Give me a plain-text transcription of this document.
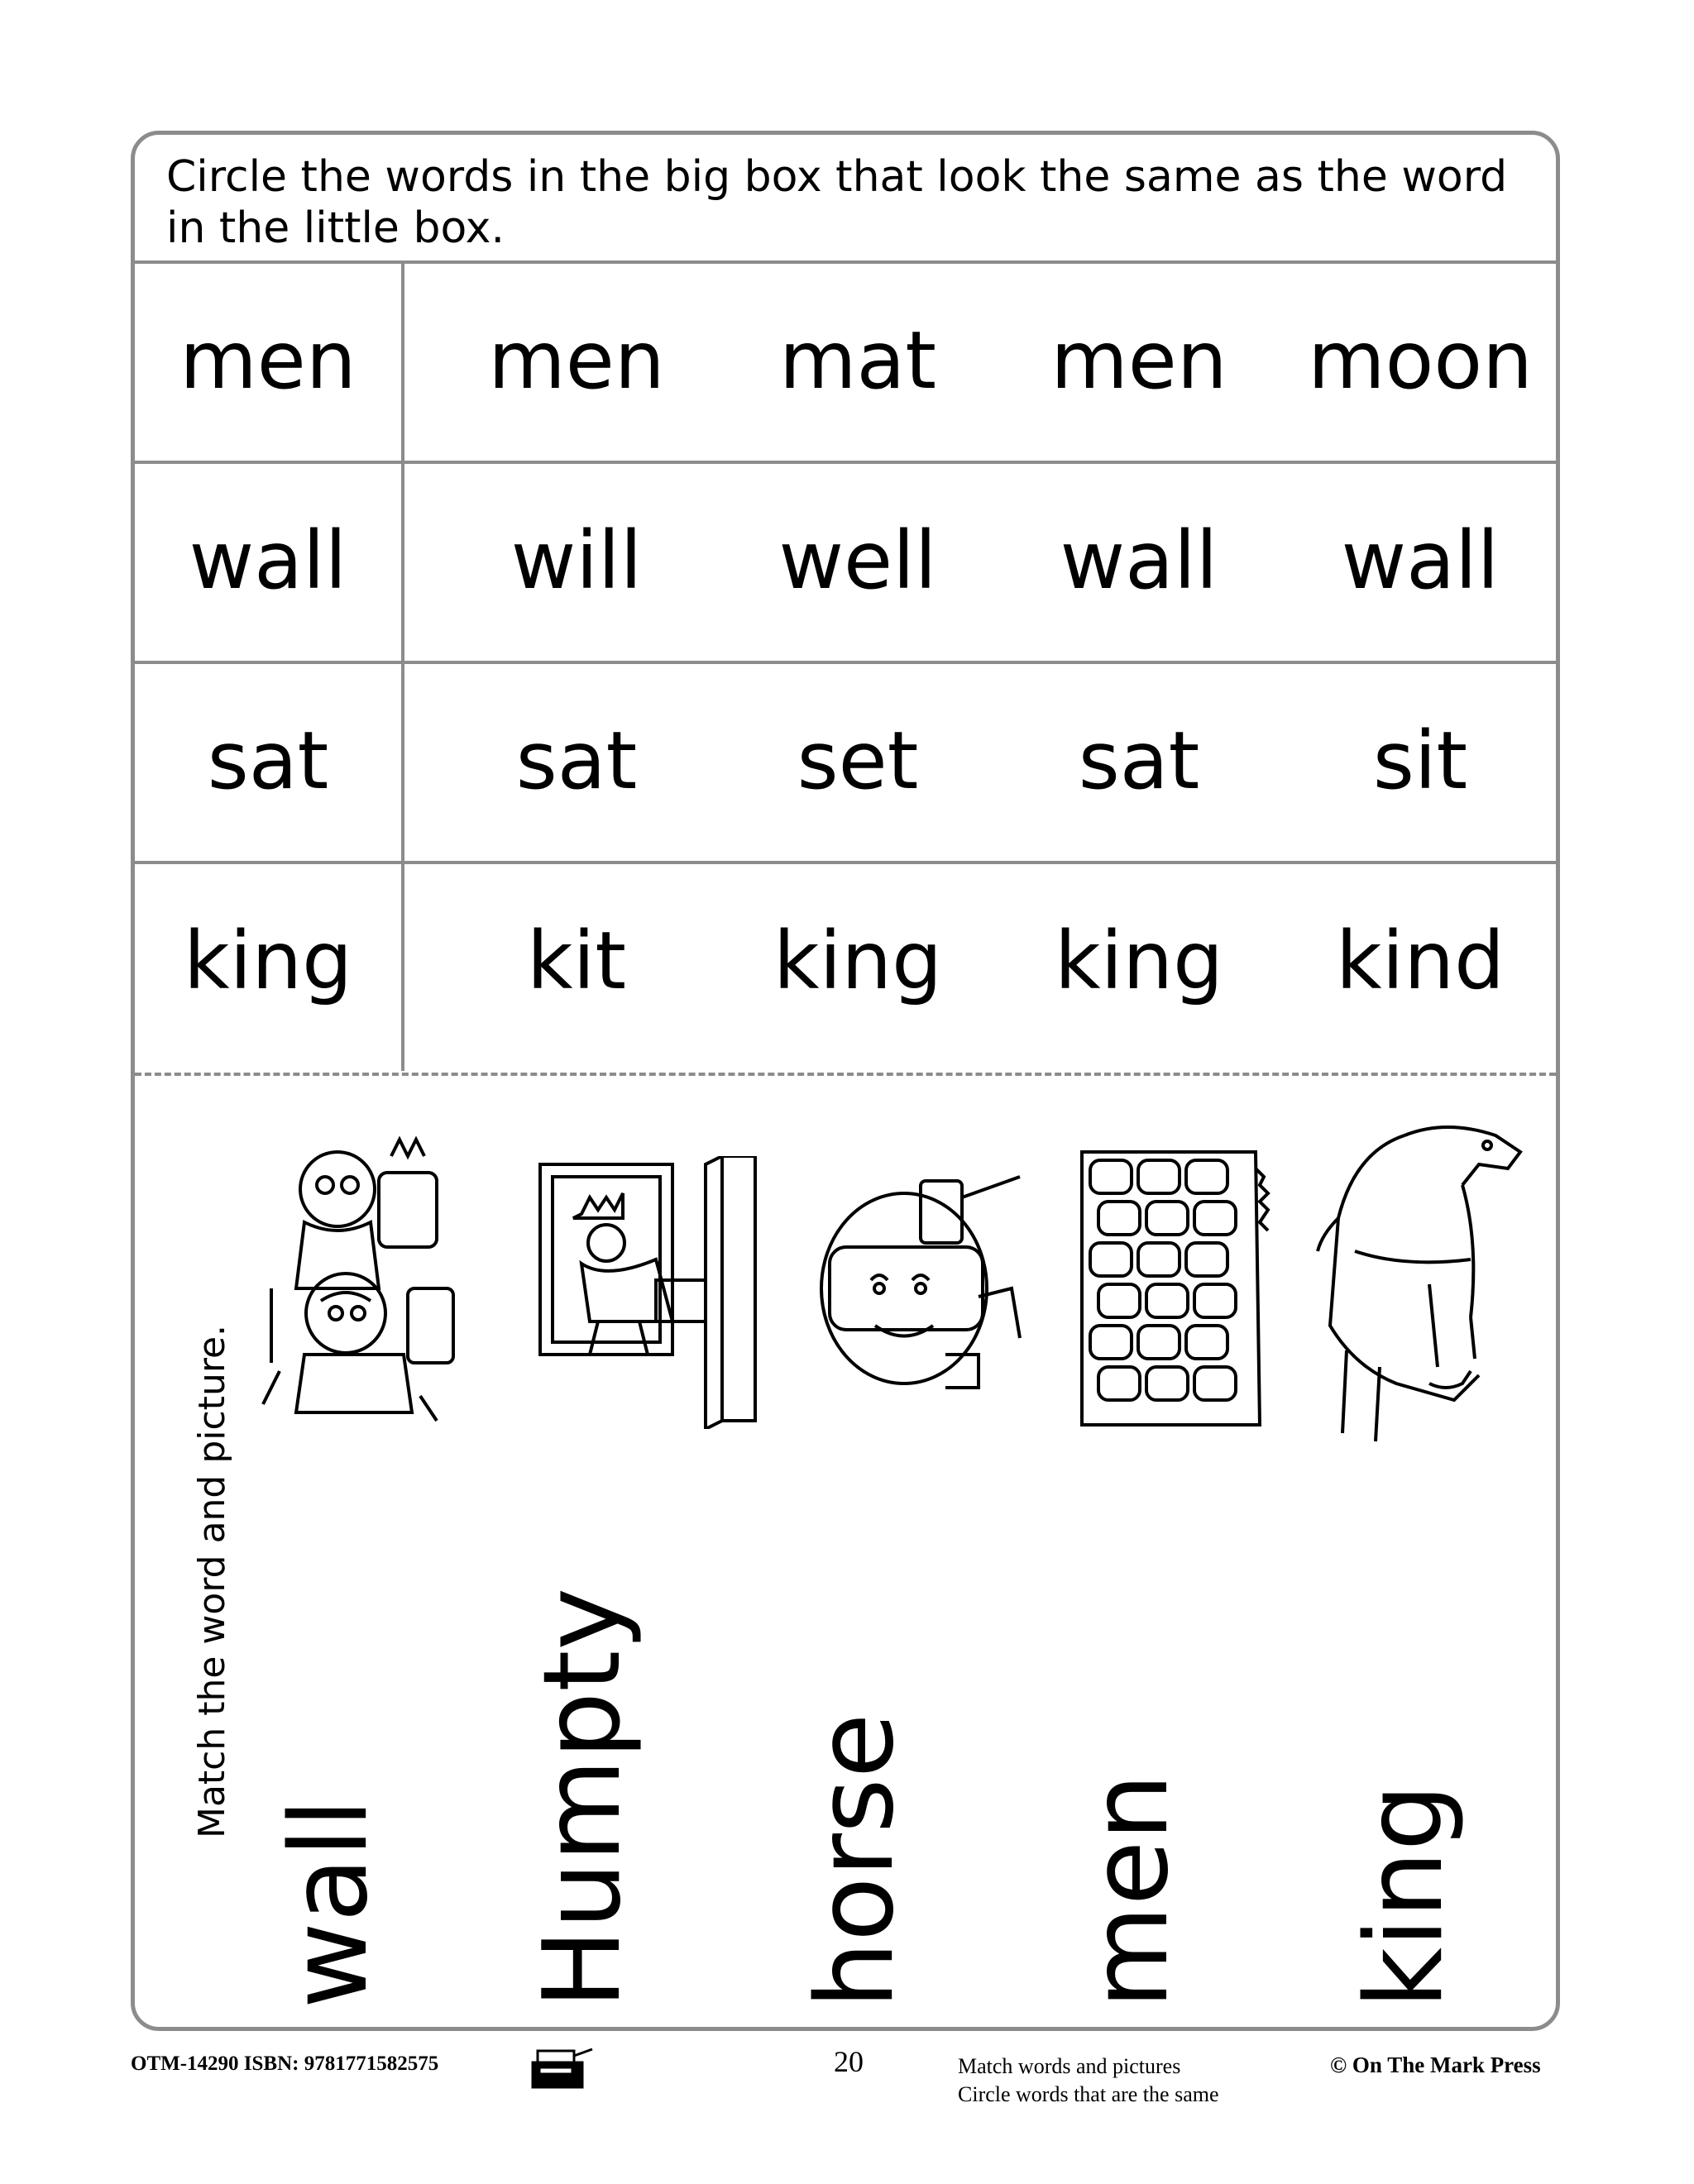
Circle the words in the big box that look the same as the word in the little box.
men	men	mat	men	moon
wall	will	well	wall	wall
sat	sat	set	sat	sit
king	kit	king	king	kind
Match the word and picture.
wall Humpty horse men king
OTM-14290 ISBN: 9781771582575	20	Match words and pictures
Circle words that are the same
© On The Mark Press
